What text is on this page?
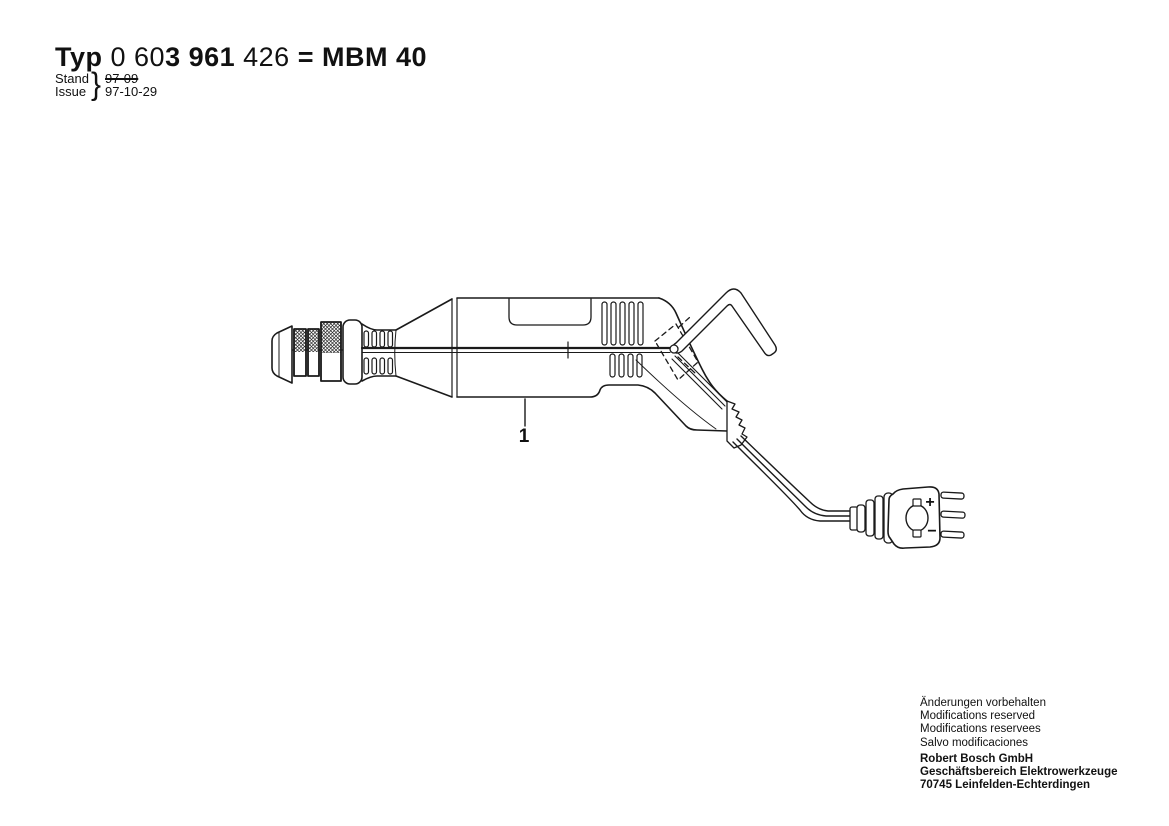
Typ 0 603 961 426 = MBM 40
Stand
Issue } 97-09
97-10-29
+
−
1
Änderungen vorbehalten
Modifications reserved
Modifications reservees
Salvo modificaciones
Robert Bosch GmbH
Geschäftsbereich Elektrowerkzeuge
70745 Leinfelden-Echterdingen
